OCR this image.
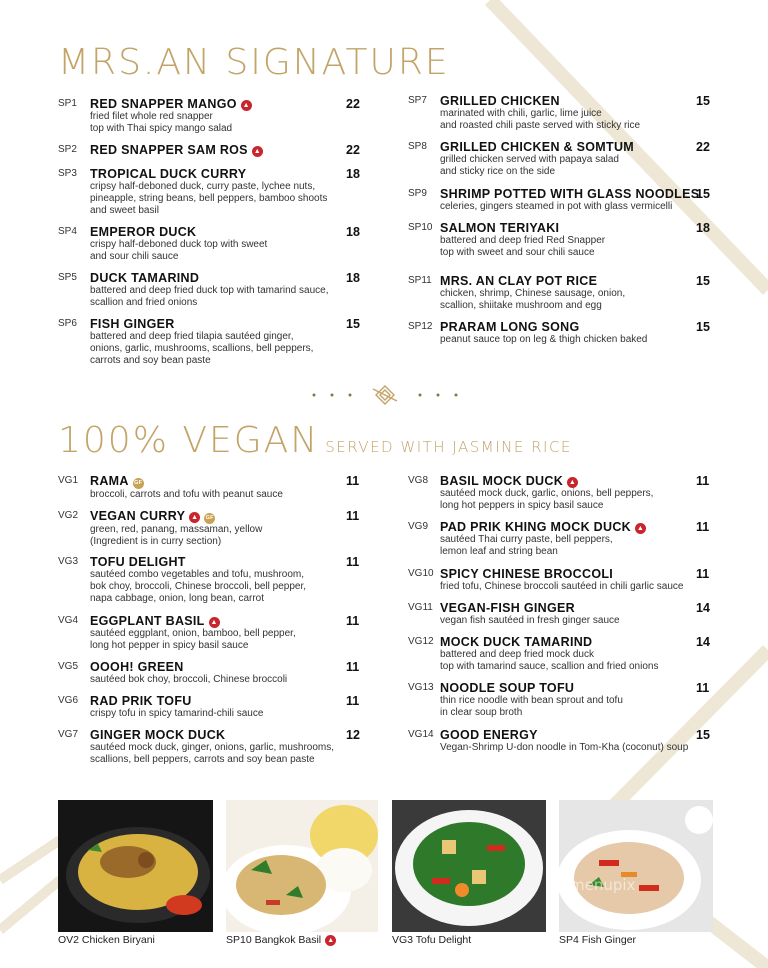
MRS.AN SIGNATURE
SP1	RED SNAPPER MANGO ▲
fried filet whole red snapper
top with Thai spicy mango salad
22
SP2	RED SNAPPER SAM ROS ▲	22
SP3	TROPICAL DUCK CURRY
cripsy half-deboned duck, curry paste, lychee nuts,
pineapple, string beans, bell peppers, bamboo shoots
and sweet basil
18
SP4	EMPEROR DUCK
crispy half-deboned duck top with sweet
and sour chili sauce
18
SP5	DUCK TAMARIND
battered and deep fried duck top with tamarind sauce,
scallion and fried onions
18
SP6	FISH GINGER
battered and deep fried tilapia sautéed ginger,
onions, garlic, mushrooms, scallions, bell peppers,
carrots and soy bean paste
15
SP7	GRILLED CHICKEN
marinated with chili, garlic, lime juice
and roasted chili paste served with sticky rice
15
SP8	GRILLED CHICKEN & SOMTUM
grilled chicken served with papaya salad
and sticky rice on the side
22
SP9	SHRIMP POTTED WITH GLASS NOODLES
celeries, gingers steamed in pot with glass vermicelli
15
SP10 SALMON TERIYAKI
battered and deep fried Red Snapper
top with sweet and sour chili sauce
18
SP11 MRS. AN CLAY POT RICE
chicken, shrimp, Chinese sausage, onion,
scallion, shiitake mushroom and egg
15
SP12 PRARAM LONG SONG
peanut sauce top on leg & thigh chicken baked
15
100% VEGAN SERVED WITH JASMINE RICE
VG1 RAMA GF
broccoli, carrots and tofu with peanut sauce
11
VG2 VEGAN CURRY ▲ GF
green, red, panang, massaman, yellow
(Ingredient is in curry section)
11
VG3 TOFU DELIGHT
sautéed combo vegetables and tofu, mushroom,
bok choy, broccoli, Chinese broccoli, bell pepper,
napa cabbage, onion, long bean, carrot
11
VG4 EGGPLANT BASIL ▲
sautéed eggplant, onion, bamboo, bell pepper,
long hot pepper in spicy basil sauce
11
VG5 OOOH! GREEN
sautéed bok choy, broccoli, Chinese broccoli
11
VG6 RAD PRIK TOFU
crispy tofu in spicy tamarind-chili sauce
11
VG7 GINGER MOCK DUCK
sautéed mock duck, ginger, onions, garlic, mushrooms,
scallions, bell peppers, carrots and soy bean paste
12
VG8 BASIL MOCK DUCK ▲
sautéed mock duck, garlic, onions, bell peppers,
long hot peppers in spicy basil sauce
11
VG9 PAD PRIK KHING MOCK DUCK ▲
sautéed Thai curry paste, bell peppers,
lemon leaf and string bean
11
VG10 SPICY CHINESE BROCCOLI
fried tofu, Chinese broccoli sautéed in chili garlic sauce
11
VG11 VEGAN-FISH GINGER
vegan fish sautéed in fresh ginger sauce
14
VG12 MOCK DUCK TAMARIND
battered and deep fried mock duck
top with tamarind sauce, scallion and fried onions
14
VG13 NOODLE SOUP TOFU
thin rice noodle with bean sprout and tofu
in clear soup broth
11
VG14 GOOD ENERGY
Vegan-Shrimp U-don noodle in Tom-Kha (coconut) soup
15
menupix
OV2 Chicken Biryani	SP10 Bangkok Basil ▲	VG3 Tofu Delight	SP4 Fish Ginger
